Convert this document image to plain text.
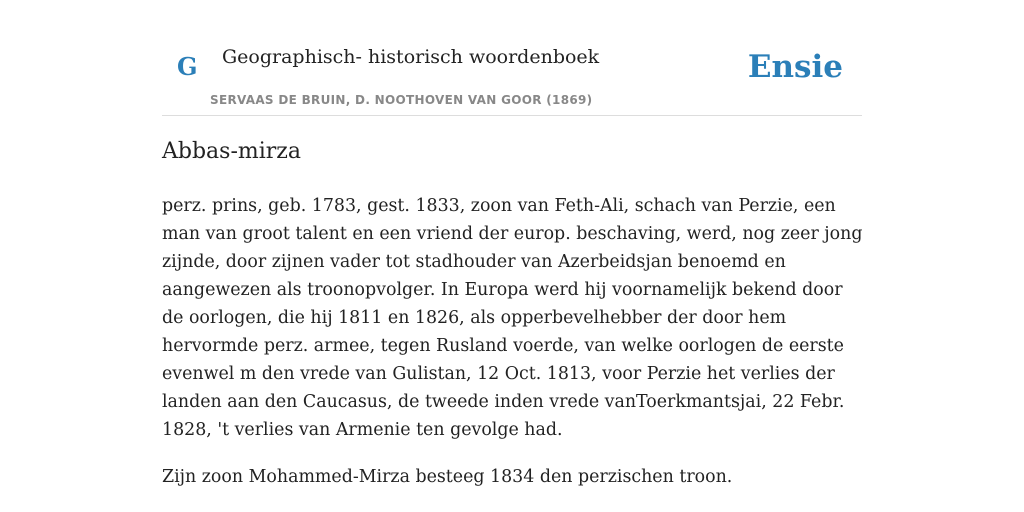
G Geographisch- historisch woordenboek
SERVAAS DE BRUIN, D. NOOTHOVEN VAN GOOR (1869)
Ensie
Abbas-mirza

perz. prins, geb. 1783, gest. 1833, zoon van Feth-Ali, schach van Perzie, een man van groot talent en een vriend der europ. beschaving, werd, nog zeer jong zijnde, door zijnen vader tot stadhouder van Azerbeidsjan benoemd en aangewezen als troonopvolger. In Europa werd hij voornamelijk bekend door de oorlogen, die hij 1811 en 1826, als opperbevelhebber der door hem hervormde perz. armee, tegen Rusland voerde, van welke oorlogen de eerste evenwel m den vrede van Gulistan, 12 Oct. 1813, voor Perzie het verlies der landen aan den Caucasus, de tweede inden vrede vanToerkmantsjai, 22 Febr. 1828, 't verlies van Armenie ten gevolge had.

Zijn zoon Mohammed-Mirza besteeg 1834 den perzischen troon.
